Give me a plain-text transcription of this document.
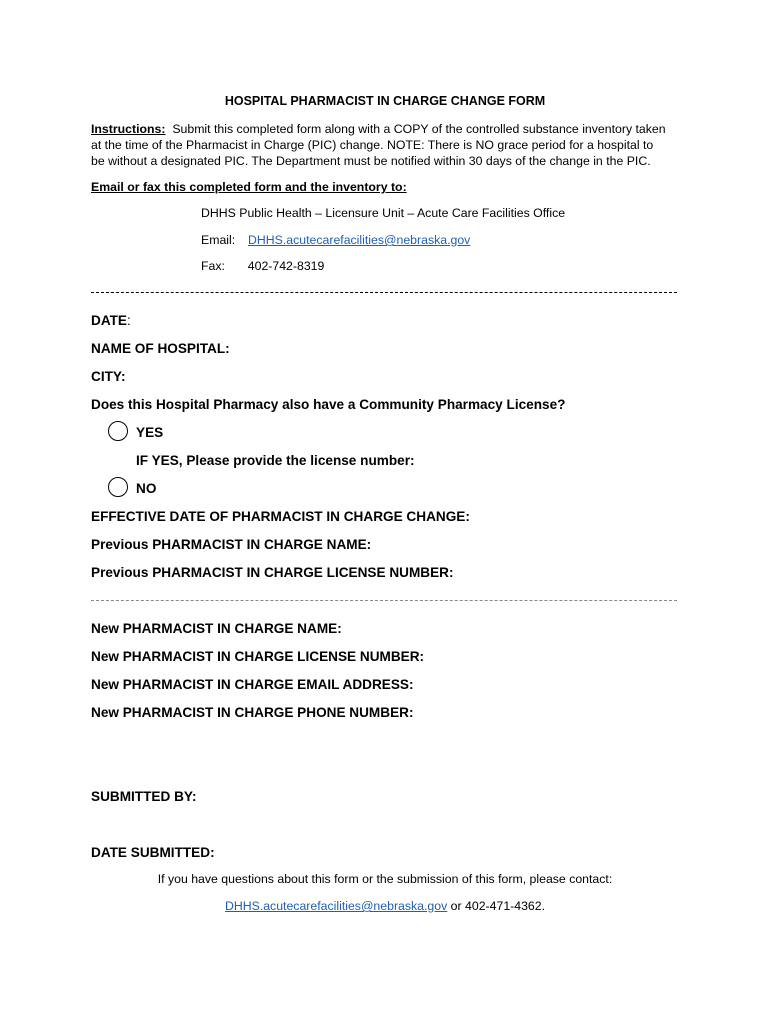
HOSPITAL PHARMACIST IN CHARGE CHANGE FORM
Instructions: Submit this completed form along with a COPY of the controlled substance inventory taken
at the time of the Pharmacist in Charge (PIC) change. NOTE: There is NO grace period for a hospital to
be without a designated PIC. The Department must be notified within 30 days of the change in the PIC.
Email or fax this completed form and the inventory to:
DHHS Public Health – Licensure Unit – Acute Care Facilities Office
Email: DHHS.acutecarefacilities@nebraska.gov
Fax: 402-742-8319
DATE:
NAME OF HOSPITAL:
CITY:
Does this Hospital Pharmacy also have a Community Pharmacy License?
YES
IF YES, Please provide the license number:
NO
EFFECTIVE DATE OF PHARMACIST IN CHARGE CHANGE:
Previous PHARMACIST IN CHARGE NAME:
Previous PHARMACIST IN CHARGE LICENSE NUMBER:
New PHARMACIST IN CHARGE NAME:
New PHARMACIST IN CHARGE LICENSE NUMBER:
New PHARMACIST IN CHARGE EMAIL ADDRESS:
New PHARMACIST IN CHARGE PHONE NUMBER:
SUBMITTED BY:
DATE SUBMITTED:
If you have questions about this form or the submission of this form, please contact:
DHHS.acutecarefacilities@nebraska.gov or 402-471-4362.
